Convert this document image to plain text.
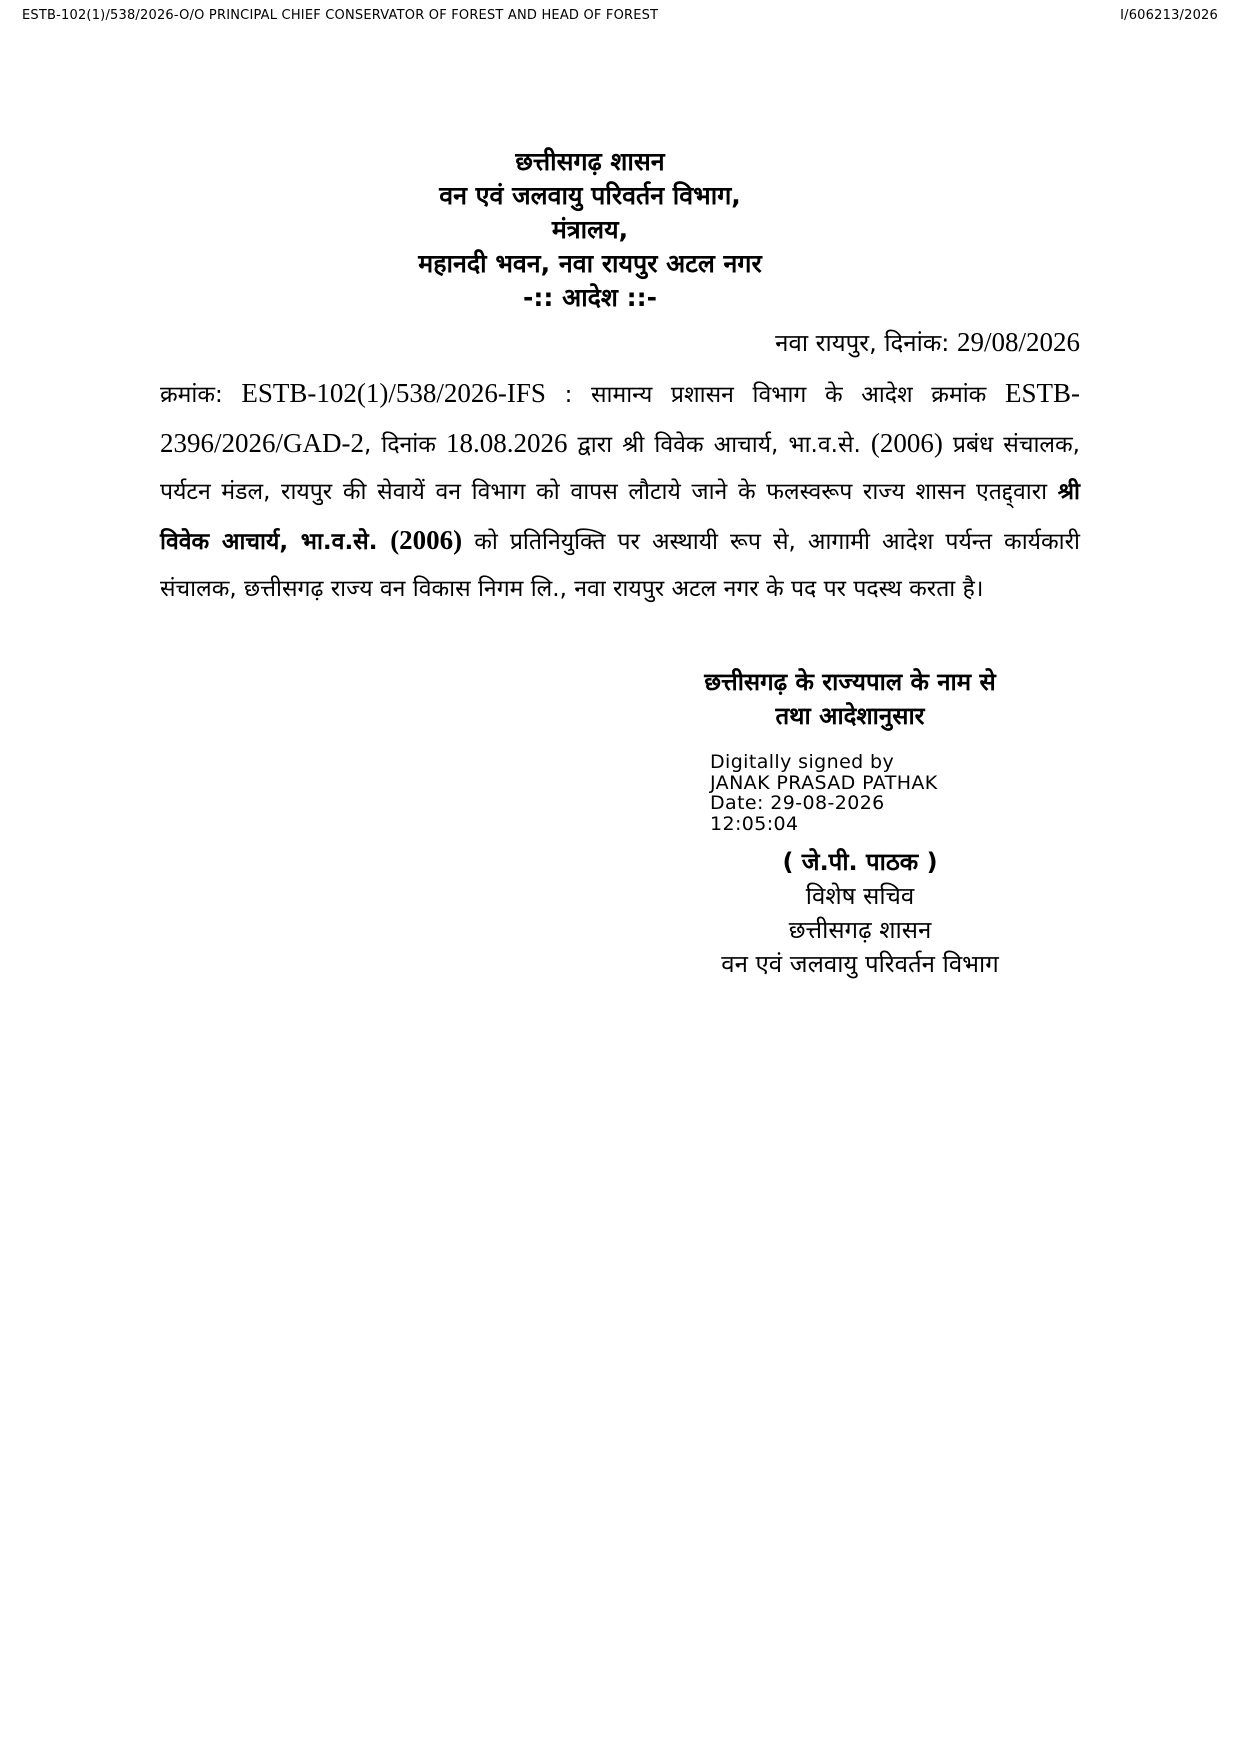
ESTB-102(1)/538/2026-O/O PRINCIPAL CHIEF CONSERVATOR OF FOREST AND HEAD OF FOREST	I/606213/2026
छत्तीसगढ़ शासन
वन एवं जलवायु परिवर्तन विभाग,
मंत्रालय,
महानदी भवन, नवा रायपुर अटल नगर
-:: आदेश ::-
नवा रायपुर, दिनांक: 29/08/2026
क्रमांक: ESTB-102(1)/538/2026-IFS : सामान्य प्रशासन विभाग के आदेश क्रमांक ESTB-2396/2026/GAD-2, दिनांक 18.08.2026 द्वारा श्री विवेक आचार्य, भा.व.से. (2006) प्रबंध संचालक, पर्यटन मंडल, रायपुर की सेवायें वन विभाग को वापस लौटाये जाने के फलस्वरूप राज्य शासन एतद्द्वारा श्री विवेक आचार्य, भा.व.से. (2006) को प्रतिनियुक्ति पर अस्थायी रूप से, आगामी आदेश पर्यन्त कार्यकारी संचालक, छत्तीसगढ़ राज्य वन विकास निगम लि., नवा रायपुर अटल नगर के पद पर पदस्थ करता है।
छत्तीसगढ़ के राज्यपाल के नाम से
तथा आदेशानुसार
Digitally signed by
JANAK PRASAD PATHAK
Date: 29-08-2026
12:05:04
( जे.पी. पाठक )
विशेष सचिव
छत्तीसगढ़ शासन
वन एवं जलवायु परिवर्तन विभाग
